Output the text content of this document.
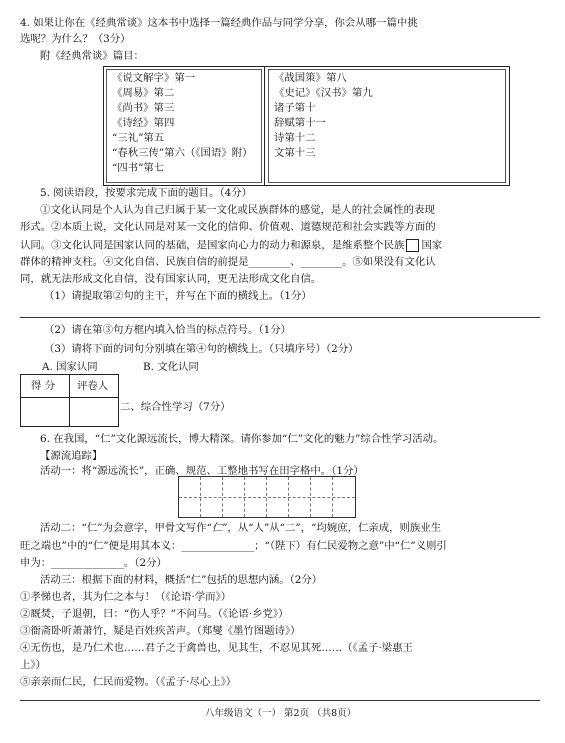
4. 如果让你在《经典常谈》这本书中选择一篇经典作品与同学分享，你会从哪一篇中挑
选呢？为什么？（3分）
附《经典常谈》篇目：
《说文解字》第一
《周易》第二
《尚书》第三
《诗经》第四
“三礼”第五
“春秋三传”第六（《国语》附）
“四书”第七
《战国策》第八
《史记》《汉书》第九
诸子第十
辞赋第十一
诗第十二
文第十三
5. 阅读语段，按要求完成下面的题目。（4分）
①文化认同是个人认为自己归属于某一文化或民族群体的感觉，是人的社会属性的表现
形式。②本质上说，文化认同是对某一文化的信仰、价值观、道德规范和社会实践等方面的
认同。③文化认同是国家认同的基础，是国家向心力的动力和源泉，是维系整个民族 国家
群体的精神支柱。④文化自信、民族自信的前提是________、________。⑤如果没有文化认
同，就无法形成文化自信，没有国家认同，更无法形成文化自信。
（1）请提取第②句的主干，并写在下面的横线上。（1分）
（2）请在第③句方框内填入恰当的标点符号。（1分）
（3）请将下面的词句分别填在第④句的横线上。（只填序号）（2分）
A. 国家认同	B. 文化认同
得 分 评卷人
二、综合性学习（7分）
6. 在我国，“仁”文化源远流长，博大精深。请你参加“仁”文化的魅力”综合性学习活动。
【源流追踪】
活动一：将“源远流长”，正确、规范、工整地书写在田字格中。（1分）
活动二：“仁”为会意字，甲骨文写作“仁”，从“人”从“二”，“均婉庶，仁亲成，则族业生
旺之端也”中的“仁”便是用其本义：______________；“（陛下）有仁民爱物之意”中“仁”义则引
申为：______________。（2分）
活动三：根据下面的材料，概括“仁”包括的思想内涵。（2分）
①孝悌也者，其为仁之本与！（《论语·学而》）
②厩焚，子退朝，曰：“伤人乎？”不问马。（《论语·乡党》）
③衙斋卧听萧萧竹，疑是百姓疾苦声。（郑燮《墨竹图题诗》）
④无伤也，是乃仁术也……君子之于禽兽也，见其生，不忍见其死……（《孟子·梁惠王
上》）
⑤亲亲而仁民，仁民而爱物。（《孟子·尽心上》）
八年级语文（一） 第2页 （共8页）
